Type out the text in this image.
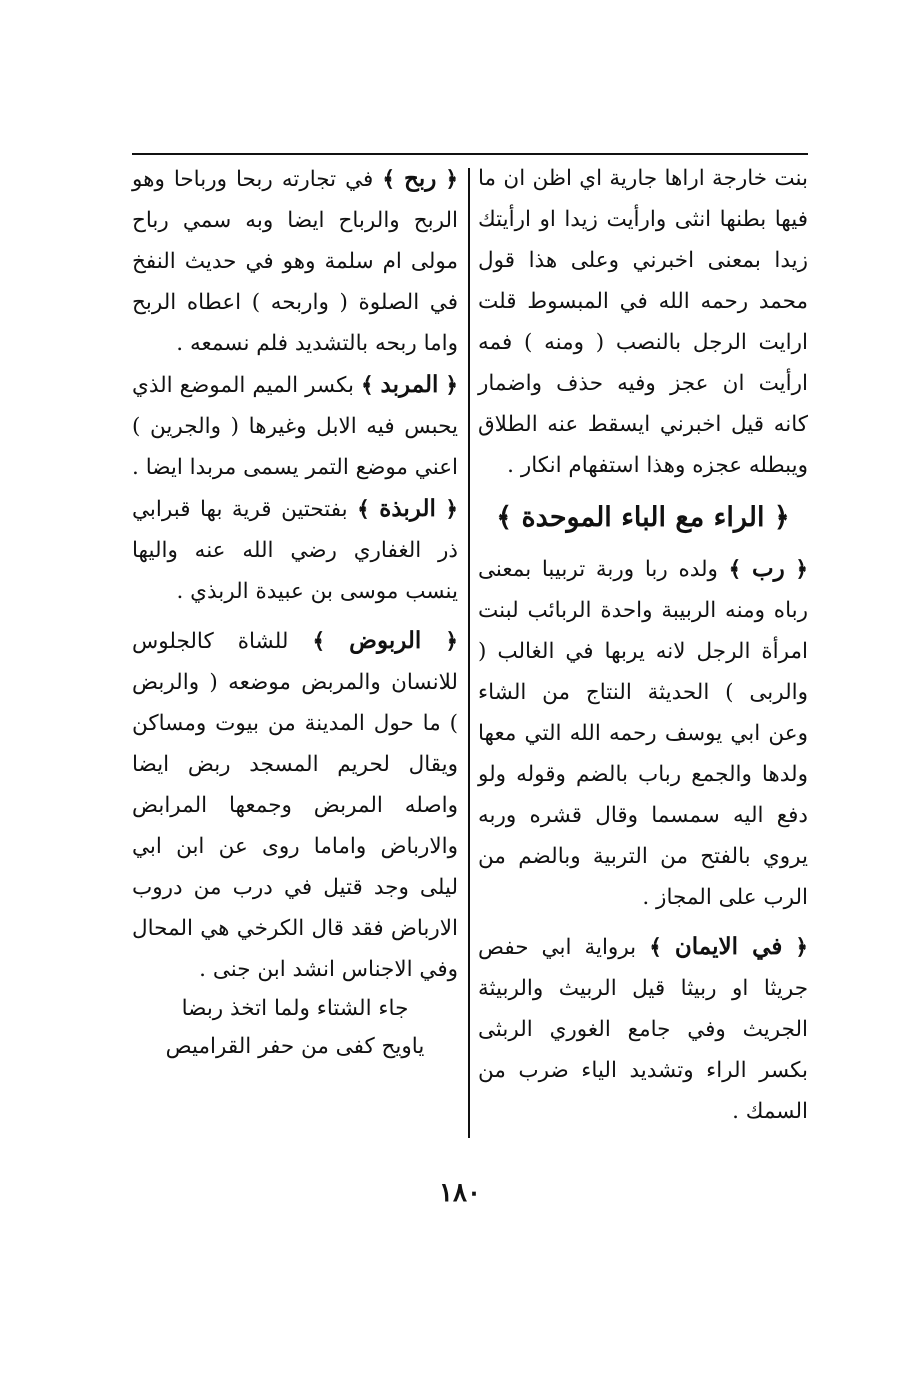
بنت خارجة اراها جارية اي اظن ان ما فيها بطنها انثى وارأيت زيدا او ارأيتك زيدا بمعنى اخبرني وعلى هذا قول محمد رحمه الله في المبسوط قلت ارايت الرجل بالنصب ( ومنه ) فمه ارأيت ان عجز وفيه حذف واضمار كانه قيل اخبرني ايسقط عنه الطلاق ويبطله عجزه وهذا استفهام انكار .

﴿ الراء مع الباء الموحدة ﴾

﴿ رب ﴾ ولده ربا وربة تربيبا بمعنى رباه ومنه الربيبة واحدة الربائب لبنت امرأة الرجل لانه يربها في الغالب ( والربى ) الحديثة النتاج من الشاء وعن ابي يوسف رحمه الله التي معها ولدها والجمع رباب بالضم وقوله ولو دفع اليه سمسما وقال قشره وربه يروي بالفتح من التربية وبالضم من الرب على المجاز .

﴿ في الايمان ﴾ برواية ابي حفص جريثا او ربيثا قيل الربيث والربيثة الجريث وفي جامع الغوري الربثى بكسر الراء وتشديد الياء ضرب من السمك .

﴿ ربح ﴾ في تجارته ربحا ورباحا وهو الربح والرباح ايضا وبه سمي رباح مولى ام سلمة وهو في حديث النفخ في الصلوة ( واربحه ) اعطاه الربح واما ربحه بالتشديد فلم نسمعه .

﴿ المربد ﴾ بكسر الميم الموضع الذي يحبس فيه الابل وغيرها ( والجرين ) اعني موضع التمر يسمى مربدا ايضا .

﴿ الربذة ﴾ بفتحتين قرية بها قبرابي ذر الغفاري رضي الله عنه واليها ينسب موسى بن عبيدة الربذي .

﴿ الربوض ﴾ للشاة كالجلوس للانسان والمربض موضعه ( والربض ) ما حول المدينة من بيوت ومساكن ويقال لحريم المسجد ربض ايضا واصله المربض وجمعها المرابض والارباض واماما روى عن ابن ابي ليلى وجد قتيل في درب من دروب الارباض فقد قال الكرخي هي المحال وفي الاجناس انشد ابن جنى .

جاء الشتاء ولما اتخذ ربضا

ياويح كفى من حفر القراميص

١٨٠
